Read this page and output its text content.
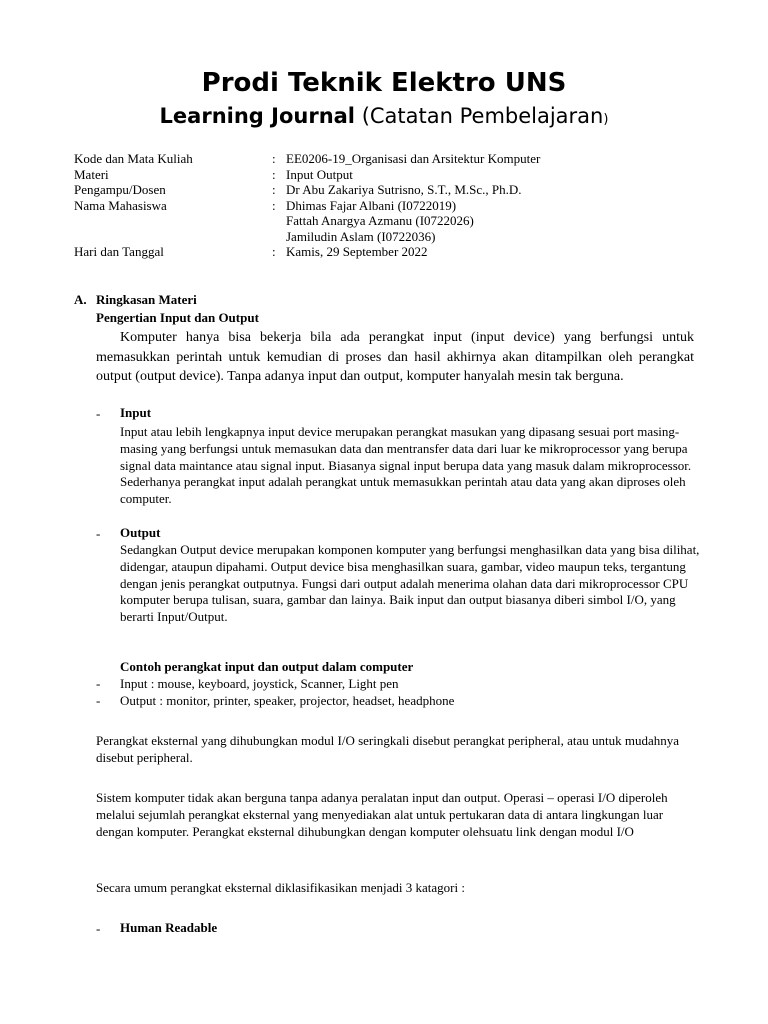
Prodi Teknik Elektro UNS
Learning Journal (Catatan Pembelajaran)
Kode dan Mata Kuliah	: EE0206-19_Organisasi dan Arsitektur Komputer
Materi	: Input Output
Pengampu/Dosen	: Dr Abu Zakariya Sutrisno, S.T., M.Sc., Ph.D.
Nama Mahasiswa	: Dhimas Fajar Albani (I0722019)
Fattah Anargya Azmanu (I0722026)
Jamiludin Aslam (I0722036)
Hari dan Tanggal	: Kamis, 29 September 2022
A. Ringkasan Materi
Pengertian Input dan Output
Komputer hanya bisa bekerja bila ada perangkat input (input device) yang berfungsi untuk memasukkan perintah untuk kemudian di proses dan hasil akhirnya akan ditampilkan oleh perangkat output (output device). Tanpa adanya input dan output, komputer hanyalah mesin tak berguna.
- Input
Input atau lebih lengkapnya input device merupakan perangkat masukan yang dipasang sesuai port masing-masing yang berfungsi untuk memasukan data dan mentransfer data dari luar ke mikroprocessor yang berupa signal data maintance atau signal input. Biasanya signal input berupa data yang masuk dalam mikroprocessor. Sederhanya perangkat input adalah perangkat untuk memasukkan perintah atau data yang akan diproses oleh computer.
- Output
Sedangkan Output device merupakan komponen komputer yang berfungsi menghasilkan data yang bisa dilihat, didengar, ataupun dipahami. Output device bisa menghasilkan suara, gambar, video maupun teks, tergantung dengan jenis perangkat outputnya. Fungsi dari output adalah menerima olahan data dari mikroprocessor CPU komputer berupa tulisan, suara, gambar dan lainya. Baik input dan output biasanya diberi simbol I/O, yang berarti Input/Output.
Contoh perangkat input dan output dalam computer
- Input : mouse, keyboard, joystick, Scanner, Light pen
- Output : monitor, printer, speaker, projector, headset, headphone
Perangkat eksternal yang dihubungkan modul I/O seringkali disebut perangkat peripheral, atau untuk mudahnya disebut peripheral.
Sistem komputer tidak akan berguna tanpa adanya peralatan input dan output. Operasi – operasi I/O diperoleh melalui sejumlah perangkat eksternal yang menyediakan alat untuk pertukaran data di antara lingkungan luar dengan komputer. Perangkat eksternal dihubungkan dengan komputer olehsuatu link dengan modul I/O
Secara umum perangkat eksternal diklasifikasikan menjadi 3 katagori :
- Human Readable
